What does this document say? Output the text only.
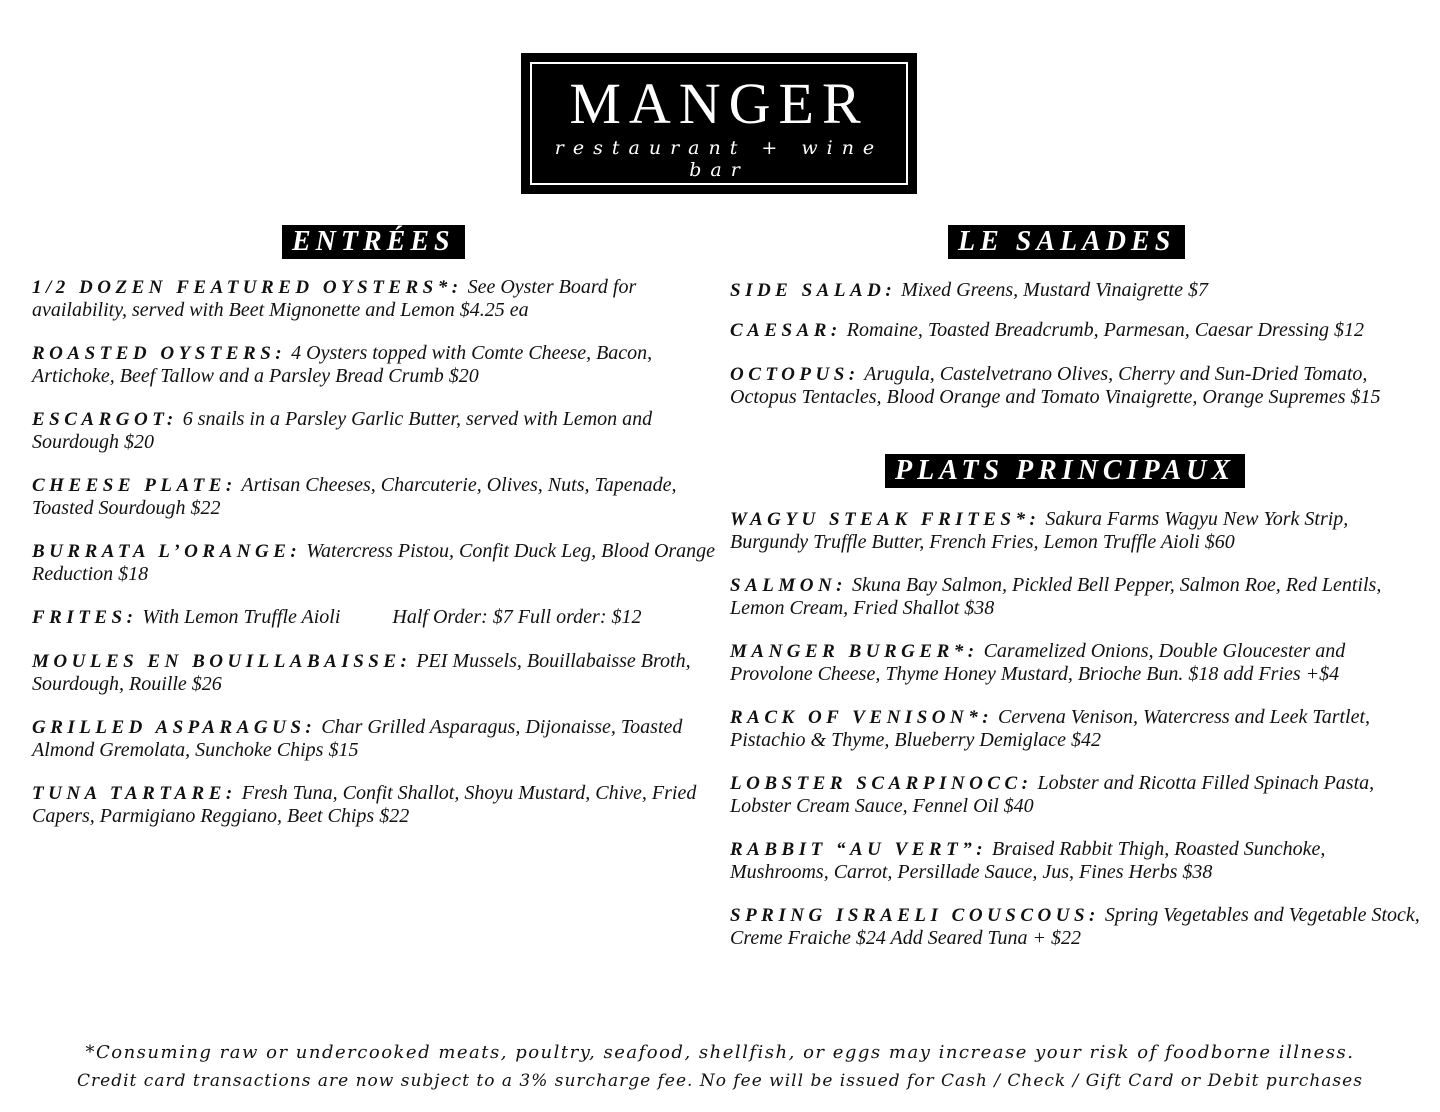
MANGER
restaurant + wine bar
ENTRÉES
1/2 DOZEN FEATURED OYSTERS*: See Oyster Board for availability, served with Beet Mignonette and Lemon $4.25 ea
ROASTED OYSTERS: 4 Oysters topped with Comte Cheese, Bacon, Artichoke, Beef Tallow and a Parsley Bread Crumb $20
ESCARGOT: 6 snails in a Parsley Garlic Butter, served with Lemon and Sourdough $20
CHEESE PLATE: Artisan Cheeses, Charcuterie, Olives, Nuts, Tapenade, Toasted Sourdough $22
BURRATA L’ORANGE: Watercress Pistou, Confit Duck Leg, Blood Orange Reduction $18
FRITES: With Lemon Truffle Aioli	Half Order: $7 Full order: $12
MOULES EN BOUILLABAISSE: PEI Mussels, Bouillabaisse Broth, Sourdough, Rouille $26
GRILLED ASPARAGUS: Char Grilled Asparagus, Dijonaisse, Toasted Almond Gremolata, Sunchoke Chips $15
TUNA TARTARE: Fresh Tuna, Confit Shallot, Shoyu Mustard, Chive, Fried Capers, Parmigiano Reggiano, Beet Chips $22
LE SALADES
SIDE SALAD: Mixed Greens, Mustard Vinaigrette $7
CAESAR: Romaine, Toasted Breadcrumb, Parmesan, Caesar Dressing $12
OCTOPUS: Arugula, Castelvetrano Olives, Cherry and Sun-Dried Tomato, Octopus Tentacles, Blood Orange and Tomato Vinaigrette, Orange Supremes $15
PLATS PRINCIPAUX
WAGYU STEAK FRITES*: Sakura Farms Wagyu New York Strip, Burgundy Truffle Butter, French Fries, Lemon Truffle Aioli $60
SALMON: Skuna Bay Salmon, Pickled Bell Pepper, Salmon Roe, Red Lentils, Lemon Cream, Fried Shallot $38
MANGER BURGER*: Caramelized Onions, Double Gloucester and Provolone Cheese, Thyme Honey Mustard, Brioche Bun. $18 add Fries +$4
RACK OF VENISON*: Cervena Venison, Watercress and Leek Tartlet, Pistachio & Thyme, Blueberry Demiglace $42
LOBSTER SCARPINOCC: Lobster and Ricotta Filled Spinach Pasta, Lobster Cream Sauce, Fennel Oil $40
RABBIT “AU VERT”: Braised Rabbit Thigh, Roasted Sunchoke, Mushrooms, Carrot, Persillade Sauce, Jus, Fines Herbs $38
SPRING ISRAELI COUSCOUS: Spring Vegetables and Vegetable Stock, Creme Fraiche $24 Add Seared Tuna + $22
*Consuming raw or undercooked meats, poultry, seafood, shellfish, or eggs may increase your risk of foodborne illness.
Credit card transactions are now subject to a 3% surcharge fee. No fee will be issued for Cash / Check / Gift Card or Debit purchases
